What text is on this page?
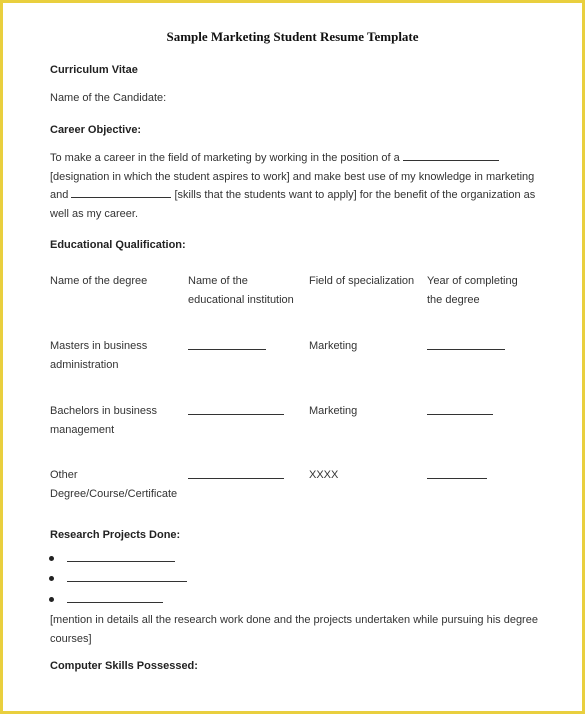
Sample Marketing Student Resume Template
Curriculum Vitae
Name of the Candidate:
Career Objective:
To make a career in the field of marketing by working in the position of a
[designation in which the student aspires to work] and make best use of my knowledge in marketing
and	[skills that the students want to apply] for the benefit of the organization as
well as my career.
Educational Qualification:
Name of the degree	Name of the
educational institution
Field of specialization Year of completing
the degree
Masters in business
administration
Marketing
Bachelors in business
management
Marketing
Other
Degree/Course/Certificate
XXXX
Research Projects Done:
[mention in details all the research work done and the projects undertaken while pursuing his degree
courses]
Computer Skills Possessed:
